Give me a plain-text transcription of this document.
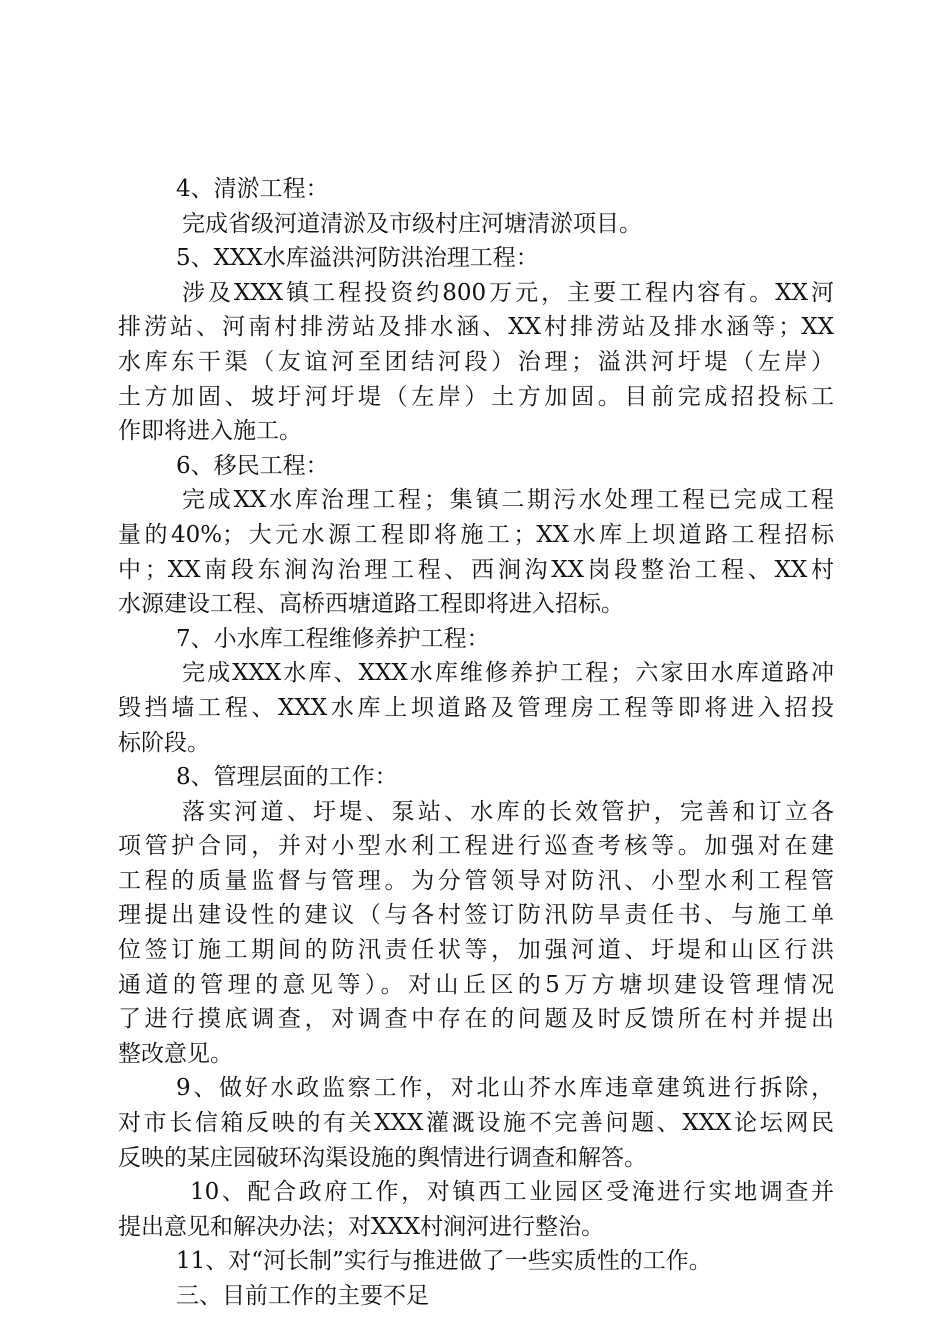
4、清淤工程：
完成省级河道清淤及市级村庄河塘清淤项目。
5、XXX水库溢洪河防洪治理工程：
涉及XXX镇工程投资约800万元，主要工程内容有。XX河
排涝站、河南村排涝站及排水涵、XX村排涝站及排水涵等；XX
水库东干渠（友谊河至团结河段）治理；溢洪河圩堤（左岸）
土方加固、坡圩河圩堤（左岸）土方加固。目前完成招投标工
作即将进入施工。
6、移民工程：
完成XX水库治理工程；集镇二期污水处理工程已完成工程
量的40%；大元水源工程即将施工；XX水库上坝道路工程招标
中；XX南段东涧沟治理工程、西涧沟XX岗段整治工程、XX村
水源建设工程、高桥西塘道路工程即将进入招标。
7、小水库工程维修养护工程：
完成XXX水库、XXX水库维修养护工程；六家田水库道路冲
毁挡墙工程、XXX水库上坝道路及管理房工程等即将进入招投
标阶段。
8、管理层面的工作：
落实河道、圩堤、泵站、水库的长效管护，完善和订立各
项管护合同，并对小型水利工程进行巡查考核等。加强对在建
工程的质量监督与管理。为分管领导对防汛、小型水利工程管
理提出建设性的建议（与各村签订防汛防旱责任书、与施工单
位签订施工期间的防汛责任状等，加强河道、圩堤和山区行洪
通道的管理的意见等）。对山丘区的5万方塘坝建设管理情况
了进行摸底调查，对调查中存在的问题及时反馈所在村并提出
整改意见。
9、做好水政监察工作，对北山芥水库违章建筑进行拆除，
对市长信箱反映的有关XXX灌溉设施不完善问题、XXX论坛网民
反映的某庄园破环沟渠设施的舆情进行调查和解答。
10、配合政府工作，对镇西工业园区受淹进行实地调查并
提出意见和解决办法；对XXX村涧河进行整治。
11、对“河长制”实行与推进做了一些实质性的工作。
三、目前工作的主要不足
